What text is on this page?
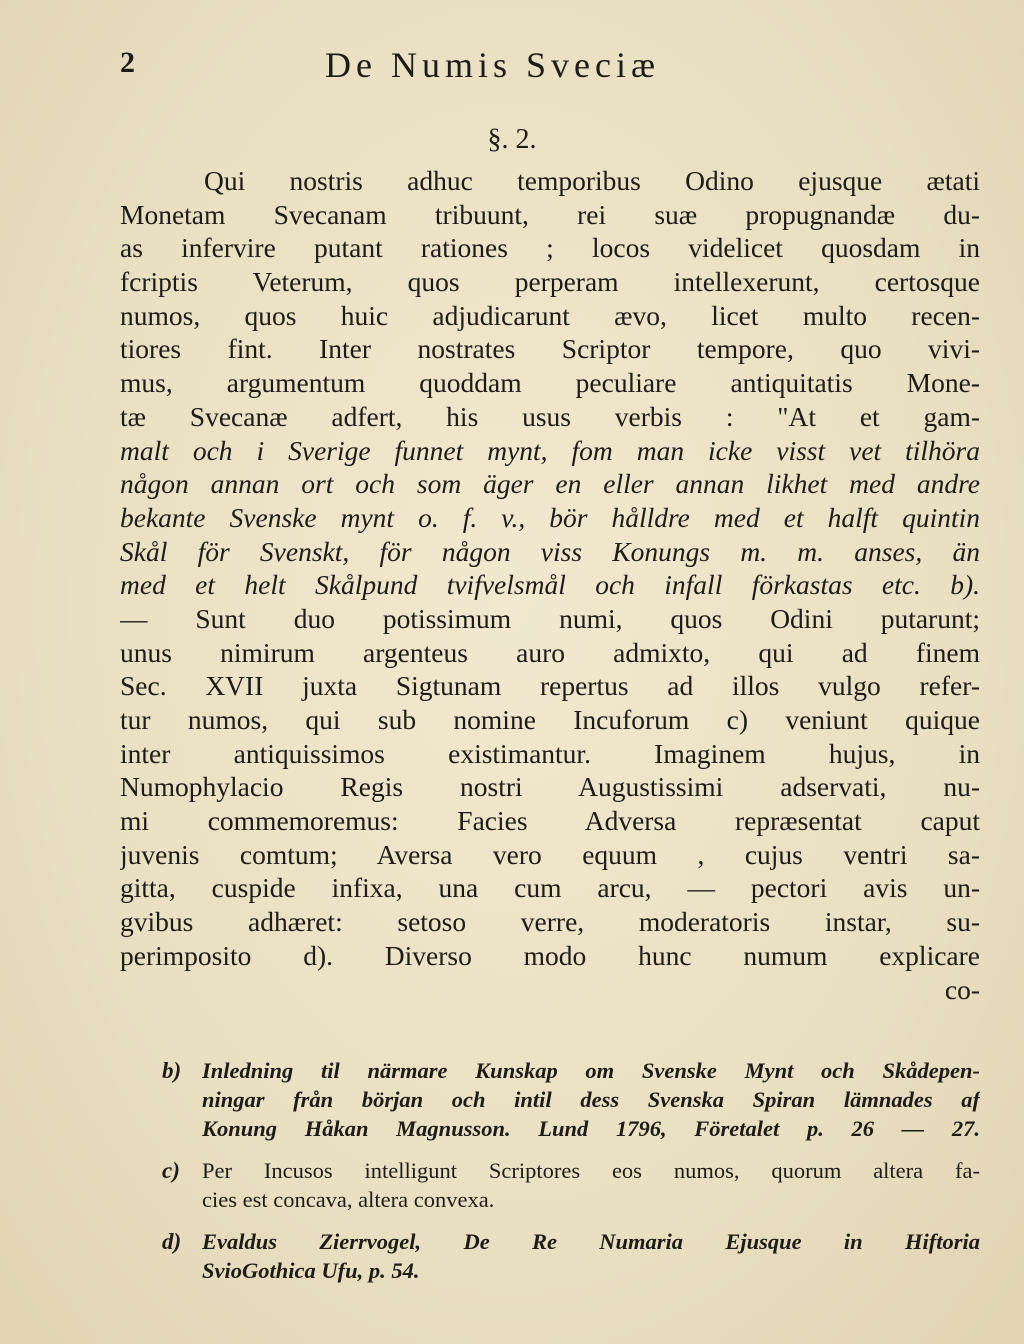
2	De Numis Sveciæ
§. 2.
Qui nostris adhuc temporibus Odino ejusque ætati
Monetam Svecanam tribuunt, rei suæ propugnandæ du-
as infervire putant rationes ; locos videlicet quosdam in
fcriptis Veterum, quos perperam intellexerunt, certosque
numos, quos huic adjudicarunt ævo, licet multo recen-
tiores fint. Inter nostrates Scriptor tempore, quo vivi-
mus, argumentum quoddam peculiare antiquitatis Mone-
tæ Svecanæ adfert, his usus verbis : "At et gam-
malt och i Sverige funnet mynt, fom man icke visst vet tilhöra
någon annan ort och som äger en eller annan likhet med andre
bekante Svenske mynt o. f. v., bör hålldre med et halft quintin
Skål för Svenskt, för någon viss Konungs m. m. anses, än
med et helt Skålpund tvifvelsmål och infall förkastas etc. b).
— Sunt duo potissimum numi, quos Odini putarunt;
unus nimirum argenteus auro admixto, qui ad finem
Sec. XVII juxta Sigtunam repertus ad illos vulgo refer-
tur numos, qui sub nomine Incuforum c) veniunt quique
inter antiquissimos existimantur. Imaginem hujus, in
Numophylacio Regis nostri Augustissimi adservati, nu-
mi commemoremus: Facies Adversa repræsentat caput
juvenis comtum; Aversa vero equum , cujus ventri sa-
gitta, cuspide infixa, una cum arcu, — pectori avis un-
gvibus adhæret: setoso verre, moderatoris instar, su-
perimposito d). Diverso modo hunc numum explicare
co-
b) Inledning til närmare Kunskap om Svenske Mynt och Skådepen-
ningar från början och intil dess Svenska Spiran lämnades af
Konung Håkan Magnusson. Lund 1796, Företalet p. 26 — 27.
c) Per Incusos intelligunt Scriptores eos numos, quorum altera fa-
cies est concava, altera convexa.
d) Evaldus Zierrvogel, De Re Numaria Ejusque in Hiftoria
SvioGothica Ufu, p. 54.
